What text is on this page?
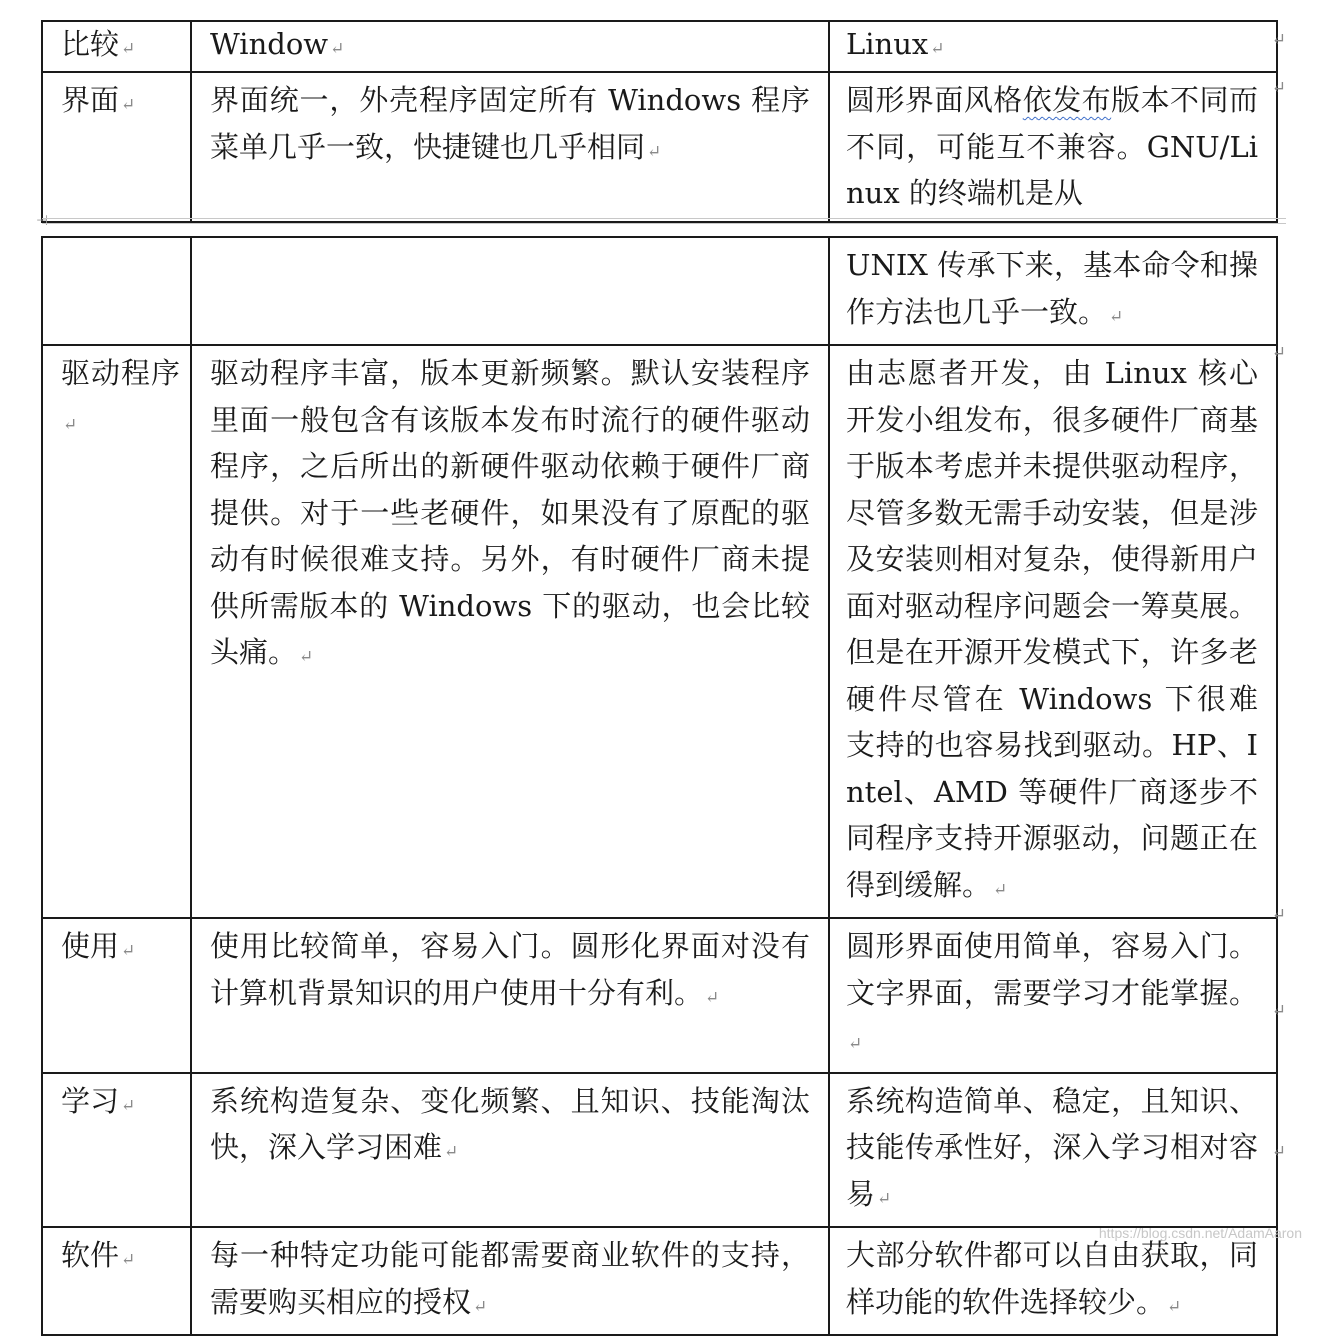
比较 ↵	Window ↵	Linux ↵
界面 ↵	界面统一，外壳程序固定所有 Windows 程序菜单几乎一致，快捷键也几乎相同 ↵	圆形界面风格依发布版本不同而不同，可能互不兼容。GNU/Linux 的终端机是从
↵
↵
⊣
		UNIX 传承下来，基本命令和操作方法也几乎一致。 ↵
驱动程序↵	驱动程序丰富，版本更新频繁。默认安装程序里面一般包含有该版本发布时流行的硬件驱动程序，之后所出的新硬件驱动依赖于硬件厂商提供。对于一些老硬件，如果没有了原配的驱动有时候很难支持。另外，有时硬件厂商未提供所需版本的 Windows 下的驱动，也会比较头痛。 ↵	由志愿者开发，由 Linux 核心开发小组发布，很多硬件厂商基于版本考虑并未提供驱动程序，尽管多数无需手动安装，但是涉及安装则相对复杂，使得新用户面对驱动程序问题会一筹莫展。但是在开源开发模式下，许多老硬件尽管在 Windows 下很难支持的也容易找到驱动。HP、Intel、AMD 等硬件厂商逐步不同程序支持开源驱动，问题正在得到缓解。 ↵
使用 ↵	使用比较简单，容易入门。圆形化界面对没有计算机背景知识的用户使用十分有利。 ↵	圆形界面使用简单，容易入门。文字界面，需要学习才能掌握。↵
学习 ↵	系统构造复杂、变化频繁、且知识、技能淘汰快，深入学习困难 ↵	系统构造简单、稳定，且知识、技能传承性好，深入学习相对容易 ↵
软件 ↵	每一种特定功能可能都需要商业软件的支持，需要购买相应的授权 ↵	大部分软件都可以自由获取，同样功能的软件选择较少。 ↵
↵
↵
↵
↵
https://blog.csdn.net/AdamAaron
